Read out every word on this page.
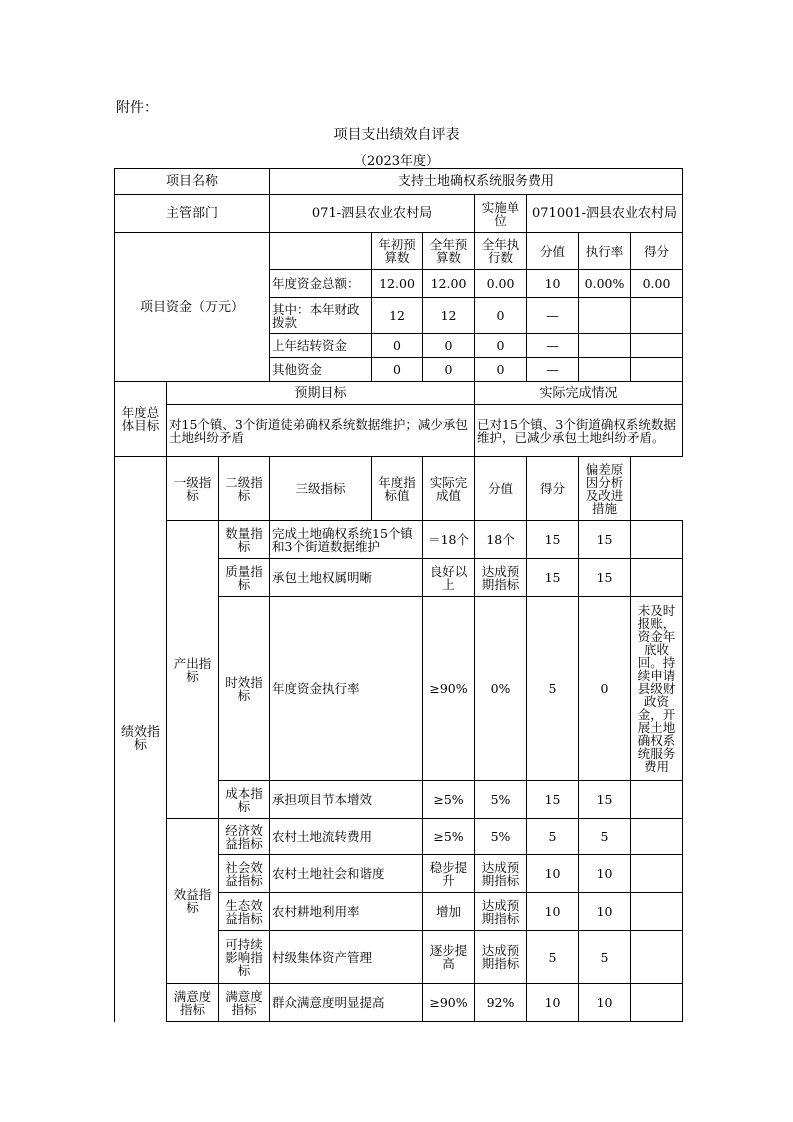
附件：
项目支出绩效自评表
（2023年度）
项目名称			支持土地确权系统服务费用						
主管部门			071-泗县农业农村局			实施单位	071001-泗县农业农村局		
项目资金（万元）				年初预算数	全年预算数	全年执行数	分值	执行率	得分
			年度资金总额：	12.00	12.00	0.00	10	0.00%	0.00
			其中：本年财政拨款	12	12	0	—		
			上年结转资金	0	0	0	—		
			其他资金	0	0	0	—		
年度总体目标	预期目标					实际完成情况			
	对15个镇、3个街道徒弟确权系统数据维护；减少承包土地纠纷矛盾					已对15个镇、3个街道确权系统数据维护，已减少承包土地纠纷矛盾。			
绩效指标	一级指标	二级指标	三级指标	年度指标值	实际完成值	分值	得分	偏差原因分析及改进措施	
	产出指标	数量指标	完成土地确权系统15个镇和3个街道数据维护		＝18个	18个	15	15	
		质量指标	承包土地权属明晰		良好以上	达成预期指标	15	15	
		时效指标	年度资金执行率		≥90%	0%	5	0	未及时报账，资金年底收回。持续申请县级财政资金，开展土地确权系统服务费用
		成本指标	承担项目节本增效		≥5%	5%	15	15	
	效益指标	经济效益指标	农村土地流转费用		≥5%	5%	5	5	
		社会效益指标	农村土地社会和谐度		稳步提升	达成预期指标	10	10	
		生态效益指标	农村耕地利用率		增加	达成预期指标	10	10	
		可持续影响指标	村级集体资产管理		逐步提高	达成预期指标	5	5	
	满意度指标	满意度指标	群众满意度明显提高		≥90%	92%	10	10	
